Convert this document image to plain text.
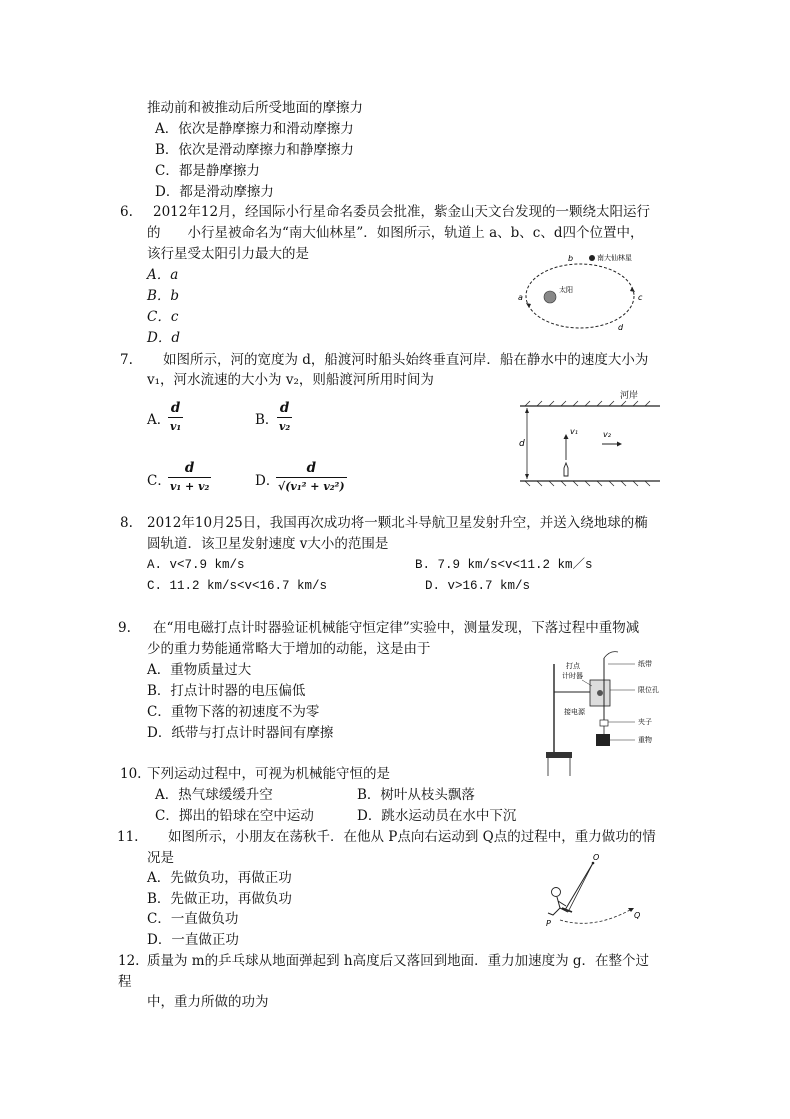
推动前和被推动后所受地面的摩擦力
A．依次是静摩擦力和滑动摩擦力
B．依次是滑动摩擦力和静摩擦力
C．都是静摩擦力
D．都是滑动摩擦力
6. 2012年12月，经国际小行星命名委员会批准，紫金山天文台发现的一颗绕太阳运行
的　　小行星被命名为“南大仙林星”．如图所示，轨道上 a、b、c、d四个位置中，
该行星受太阳引力最大的是
A．a
B．b
C．c
D．d
太阳
南大仙林星
a
b
c
d
7. 如图所示，河的宽度为 d，船渡河时船头始终垂直河岸．船在静水中的速度大小为
v₁，河水流速的大小为 v₂，则船渡河所用时间为
A．
d
v₁	B．
d
v₂
C．
d
v₁ + v₂	D．
d
√(v₁² + v₂²)
河岸
d
v₁	v₂
8. 2012年10月25日，我国再次成功将一颗北斗导航卫星发射升空，并送入绕地球的椭
圆轨道．该卫星发射速度 v大小的范围是
A. v<7.9 km/s	B. 7.9 km/s<v<11.2 km／s
C. 11.2 km/s<v<16.7 km/s	D. v>16.7 km/s
9. 在“用电磁打点计时器验证机械能守恒定律”实验中，测量发现，下落过程中重物减
少的重力势能通常略大于增加的动能，这是由于
A．重物质量过大
B．打点计时器的电压偏低
C．重物下落的初速度不为零
D．纸带与打点计时器间有摩擦
打点
计时器
纸带
限位孔
接电源
夹子
重物
10. 下列运动过程中，可视为机械能守恒的是
A．热气球缓缓升空	B．树叶从枝头飘落
C．掷出的铅球在空中运动	D．跳水运动员在水中下沉
11. 如图所示，小朋友在荡秋千．在他从 P点向右运动到 Q点的过程中，重力做功的情
况是
A．先做负功，再做正功
B．先做正功，再做负功
C．一直做负功
D．一直做正功
O
P
Q
12. 质量为 m的乒乓球从地面弹起到 h高度后又落回到地面．重力加速度为 g．在整个过
程
中，重力所做的功为
